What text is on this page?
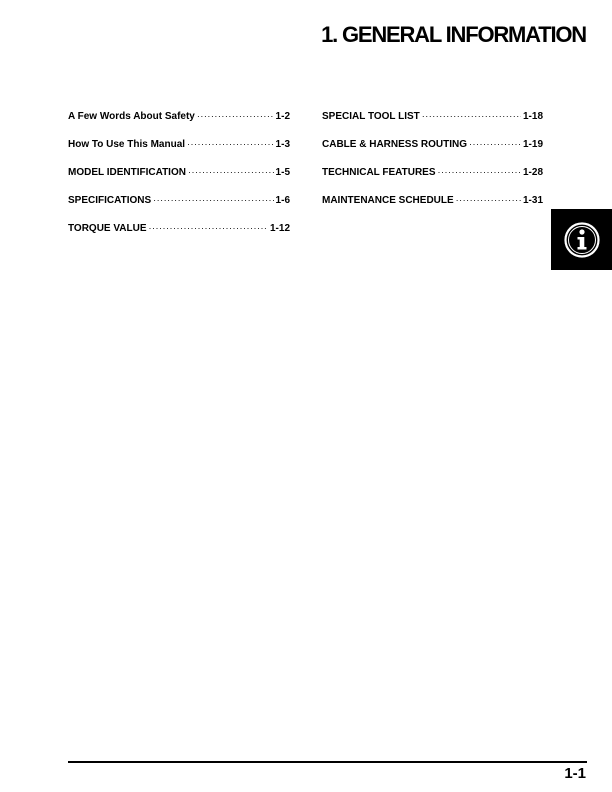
1. GENERAL INFORMATION
A Few Words About Safety ·····	1-2
How To Use This Manual ·····	1-3
MODEL IDENTIFICATION ·····	1-5
SPECIFICATIONS ·····	1-6
TORQUE VALUE ·····	1-12
SPECIAL TOOL LIST ·····	1-18
CABLE & HARNESS ROUTING ·····	1-19
TECHNICAL FEATURES ·····	1-28
MAINTENANCE SCHEDULE ·····	1-31
1-1
